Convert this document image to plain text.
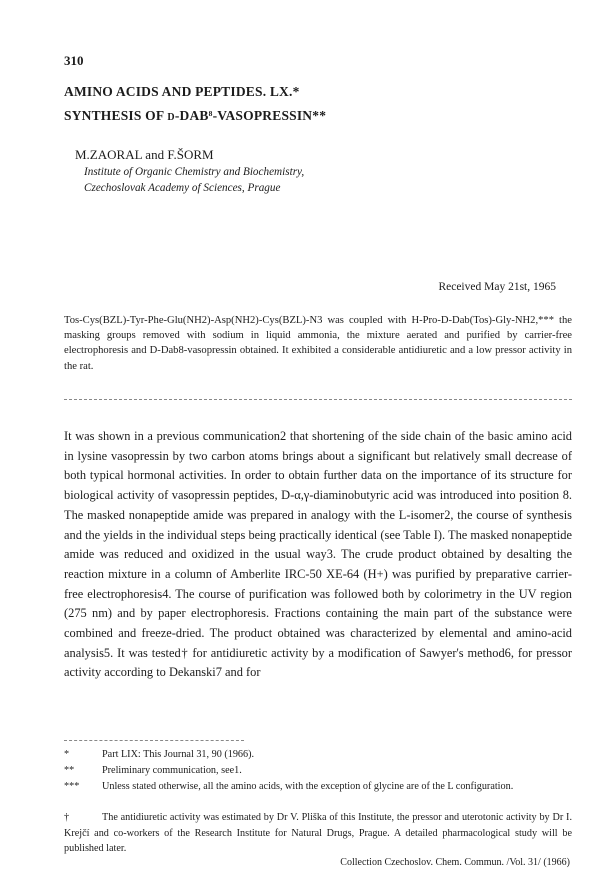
310
AMINO ACIDS AND PEPTIDES. LX.*
SYNTHESIS OF D-DAB$^8$-VASOPRESSIN**
M.ZAORAL and F.ŠORM
Institute of Organic Chemistry and Biochemistry,
Czechoslovak Academy of Sciences, Prague
Received May 21st, 1965
Tos-Cys(BZL)-Tyr-Phe-Glu(NH2)-Asp(NH2)-Cys(BZL)-N3 was coupled with H-Pro-D-Dab(Tos)-Gly-NH2,*** the masking groups removed with sodium in liquid ammonia, the mixture aerated and purified by carrier-free electrophoresis and D-Dab8-vasopressin obtained. It exhibited a considerable antidiuretic and a low pressor activity in the rat.

It was shown in a previous communication2 that shortening of the side chain of the basic amino acid in lysine vasopressin by two carbon atoms brings about a significant but relatively small decrease of both typical hormonal activities. In order to obtain further data on the importance of its structure for biological activity of vasopressin peptides, D-α,γ-diaminobutyric acid was introduced into position 8. The masked nonapeptide amide was prepared in analogy with the L-isomer2, the course of synthesis and the yields in the individual steps being practically identical (see Table I). The masked nonapeptide amide was reduced and oxidized in the usual way3. The crude product obtained by desalting the reaction mixture in a column of Amberlite IRC-50 XE-64 (H+) was purified by preparative carrier-free electrophoresis4. The course of purification was followed both by colorimetry in the UV region (275 nm) and by paper electrophoresis. Fractions containing the main part of the substance were combined and freeze-dried. The product obtained was characterized by elemental and amino-acid analysis5. It was tested† for antidiuretic activity by a modification of Sawyer's method6, for pressor activity according to Dekanski7 and for

*	Part LIX: This Journal 31, 90 (1966).

**	Preliminary communication, see1.

*** Unless stated otherwise, all the amino acids, with the exception of glycine are of the L configuration.

†	The antidiuretic activity was estimated by Dr V. Pliška of this Institute, the pressor and uterotonic activity by Dr I. Krejčí and co-workers of the Research Institute for Natural Drugs, Prague. A detailed pharmacological study will be published later.

Collection Czechoslov. Chem. Commun. /Vol. 31/ (1966)
